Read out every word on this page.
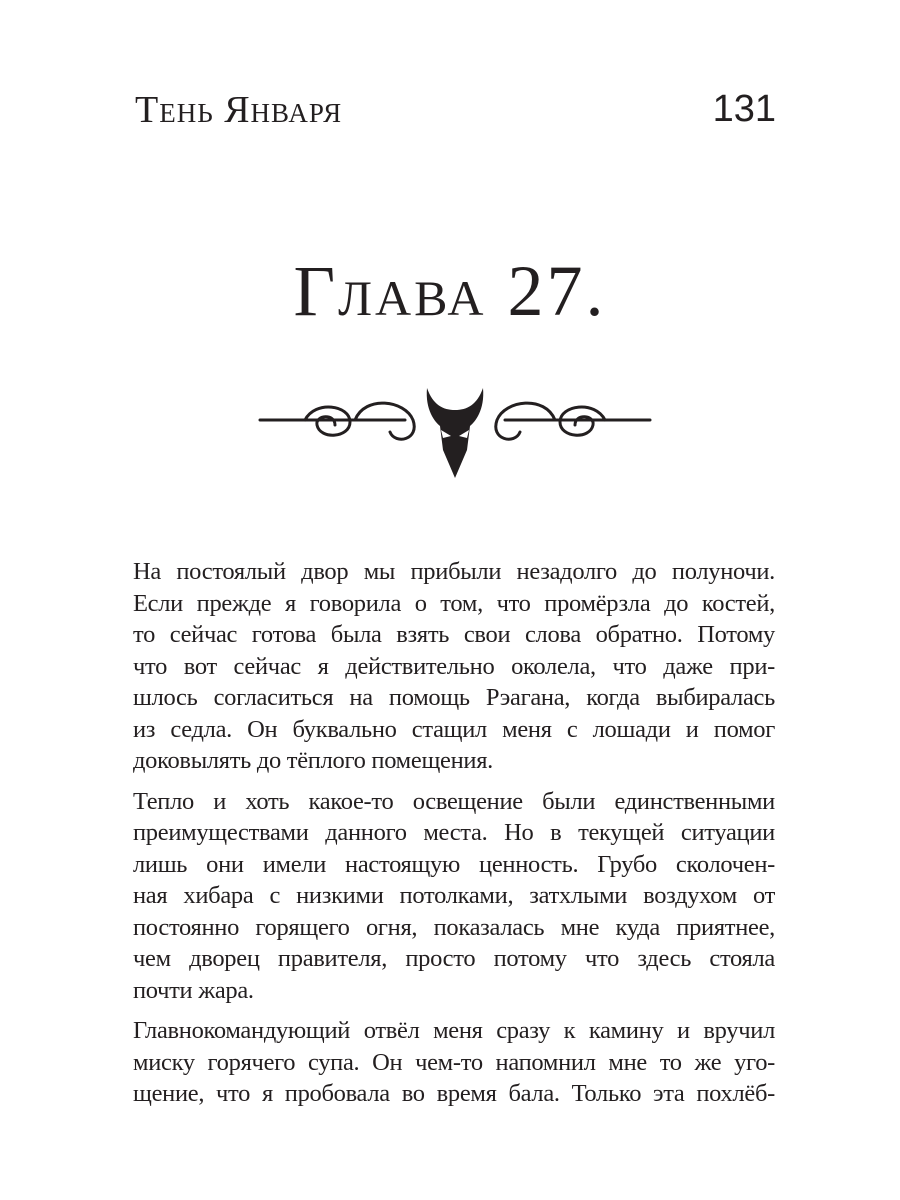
Тень Января	131
Глава 27.
На постоялый двор мы прибыли незадолго до полуночи.
Если прежде я говорила о том, что промёрзла до костей,
то сейчас готова была взять свои слова обратно. Потому
что вот сейчас я действительно околела, что даже при-
шлось согласиться на помощь Рэагана, когда выбиралась
из седла. Он буквально стащил меня с лошади и помог
доковылять до тёплого помещения.
Тепло и хоть какое-то освещение были единственными
преимуществами данного места. Но в текущей ситуации
лишь они имели настоящую ценность. Грубо сколочен-
ная хибара с низкими потолками, затхлыми воздухом от
постоянно горящего огня, показалась мне куда приятнее,
чем дворец правителя, просто потому что здесь стояла
почти жара.
Главнокомандующий отвёл меня сразу к камину и вручил
миску горячего супа. Он чем-то напомнил мне то же уго-
щение, что я пробовала во время бала. Только эта похлёб-
